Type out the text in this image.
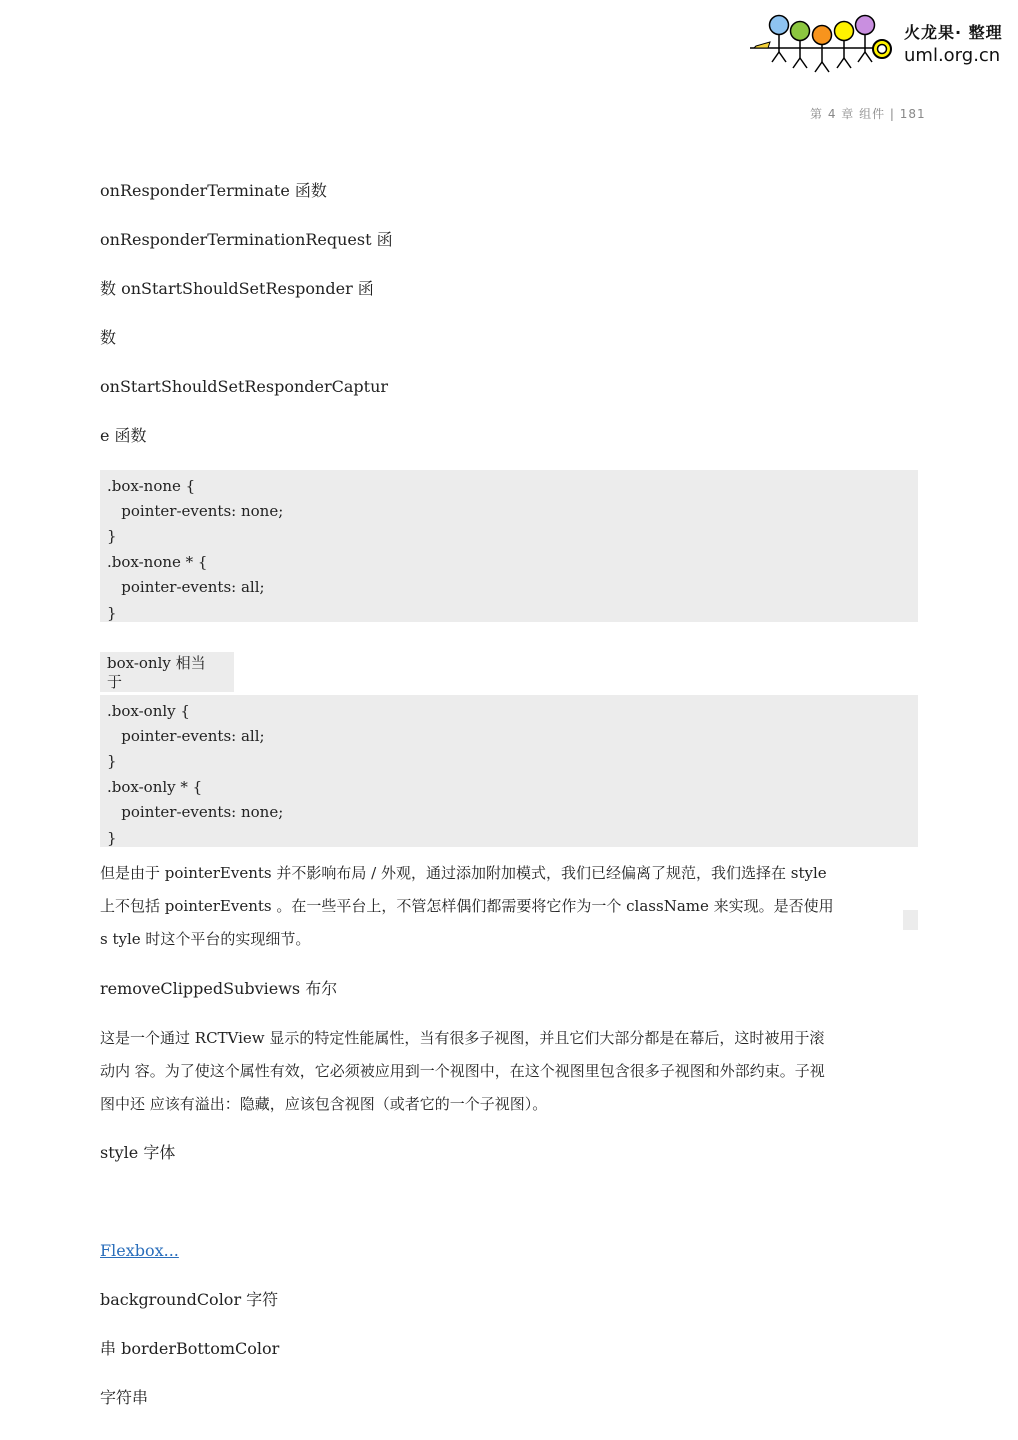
火龙果· 整理
uml.org.cn
第 4 章 组件 | 181
onResponderTerminate 函数
onResponderTerminationRequest 函
数 onStartShouldSetResponder 函
数
onStartShouldSetResponderCaptur
e 函数
.box-none {
pointer-events: none;
}
.box-none * {
pointer-events: all;
}
box-only 相当
于
.box-only {
pointer-events: all;
}
.box-only * {
pointer-events: none;
}
但是由于 pointerEvents 并不影响布局 / 外观，通过添加附加模式，我们已经偏离了规范，我们选择在 style
上不包括 pointerEvents 。在一些平台上，不管怎样偶们都需要将它作为一个 className 来实现。是否使用
s tyle 时这个平台的实现细节。
removeClippedSubviews 布尔
这是一个通过 RCTView 显示的特定性能属性，当有很多子视图，并且它们大部分都是在幕后，这时被用于滚
动内 容。为了使这个属性有效，它必须被应用到一个视图中，在这个视图里包含很多子视图和外部约束。子视
图中还 应该有溢出：隐藏，应该包含视图（或者它的一个子视图）。
style 字体
Flexbox...
backgroundColor 字符
串 borderBottomColor
字符串
